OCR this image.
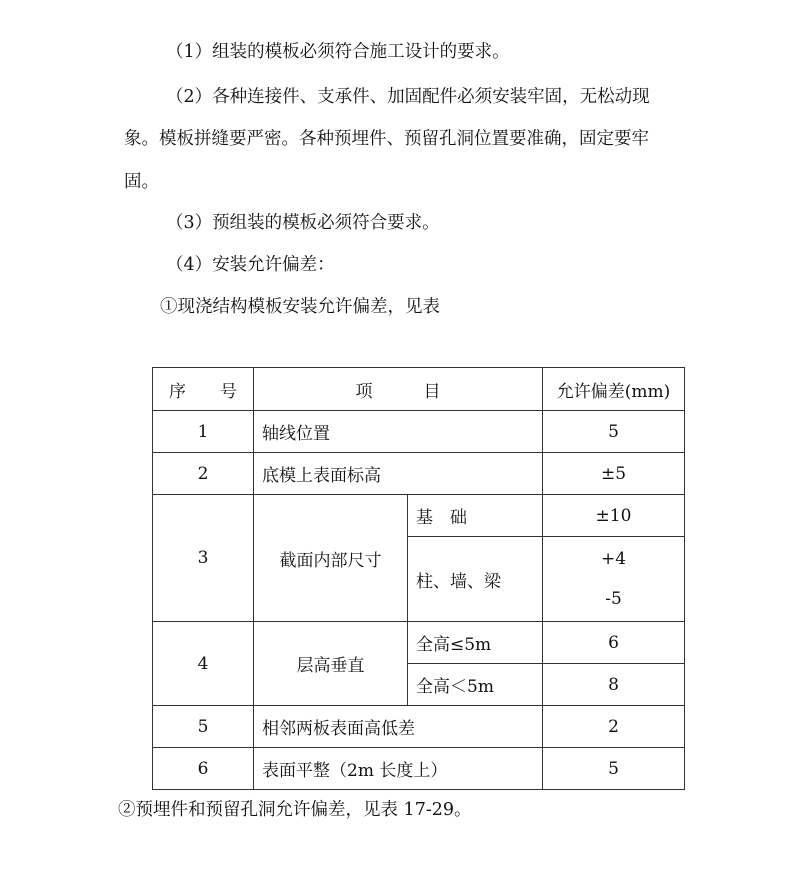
（1）组装的模板必须符合施工设计的要求。
（2）各种连接件、支承件、加固配件必须安装牢固，无松动现
象。模板拼缝要严密。各种预埋件、预留孔洞位置要准确，固定要牢
固。
（3）预组装的模板必须符合要求。
（4）安装允许偏差：
①现浇结构模板安装允许偏差，见表
序　　号	项　　　目		允许偏差(mm)
1	轴线位置		5
2	底模上表面标高		±5
3	截面内部尺寸	基　础	±10
		柱、墙、梁	+4
-5

4	层高垂直	全高≤5m	6
		全高＜5m	8
5	相邻两板表面高低差		2
6	表面平整（2m 长度上）		5
②预埋件和预留孔洞允许偏差，见表 17-29。
